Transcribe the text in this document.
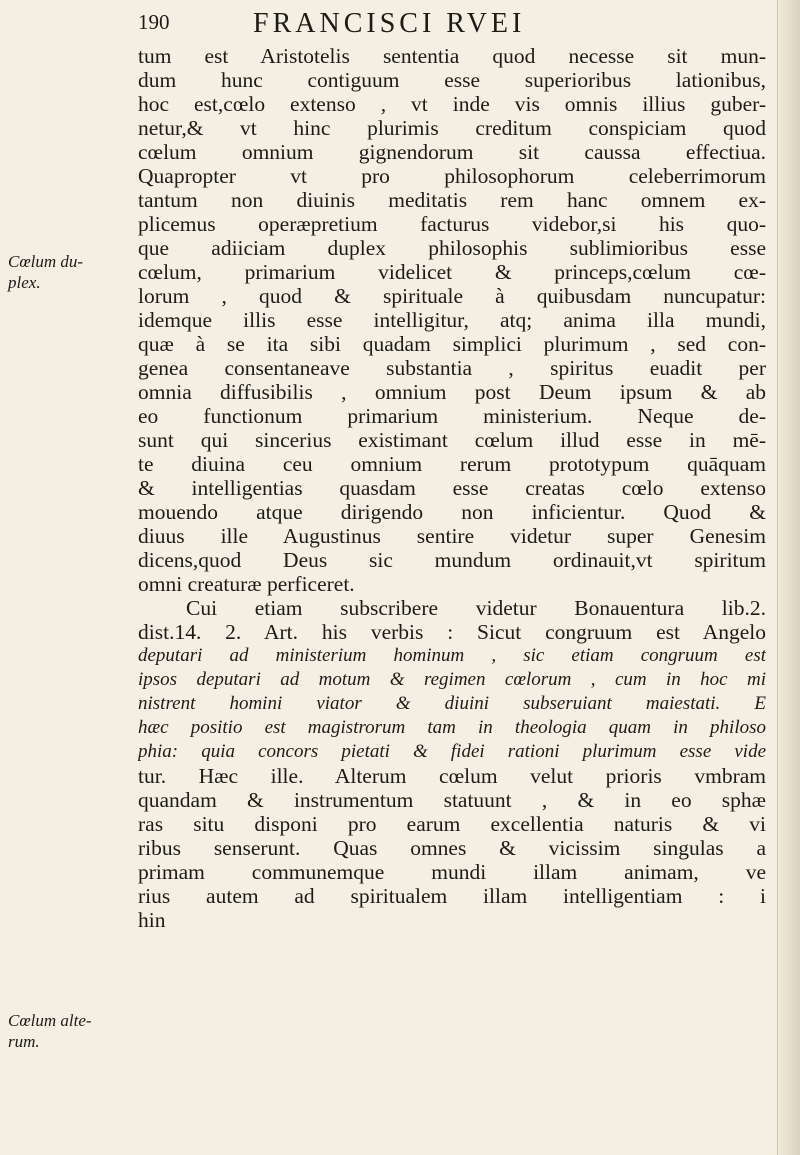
190	FRANCISCI RVEI
Cœlum du-
plex.
Cœlum alte-
rum.
tum est Aristotelis sententia quod necesse sit mun-
dum hunc contiguum esse superioribus lationibus,
hoc est,cœlo extenso , vt inde vis omnis illius guber-
netur,& vt hinc plurimis creditum conspiciam quod
cœlum omnium gignendorum sit caussa effectiua.
Quapropter vt pro philosophorum celeberrimorum
tantum non diuinis meditatis rem hanc omnem ex-
plicemus operæpretium facturus videbor,si his quo-
que adiiciam duplex philosophis sublimioribus esse
cœlum, primarium videlicet & princeps,cœlum cœ-
lorum , quod & spirituale à quibusdam nuncupatur:
idemque illis esse intelligitur, atq; anima illa mundi,
quæ à se ita sibi quadam simplici plurimum , sed con-
genea consentaneave substantia , spiritus euadit per
omnia diffusibilis , omnium post Deum ipsum & ab
eo functionum primarium ministerium. Neque de-
sunt qui sincerius existimant cœlum illud esse in mē-
te diuina ceu omnium rerum prototypum quāquam
& intelligentias quasdam esse creatas cœlo extenso
mouendo atque dirigendo non inficientur. Quod &
diuus ille Augustinus sentire videtur super Genesim
dicens,quod Deus sic mundum ordinauit,vt spiritum
omni creaturæ perficeret.
Cui etiam subscribere videtur Bonauentura lib.2.
dist.14. 2. Art. his verbis : Sicut congruum est Angelo
deputari ad ministerium hominum , sic etiam congruum est
ipsos deputari ad motum & regimen cœlorum , cum in hoc mi
nistrent homini viator & diuini subseruiant maiestati. E
hæc positio est magistrorum tam in theologia quam in philoso
phia: quia concors pietati & fidei rationi plurimum esse vide
tur. Hæc ille. Alterum cœlum velut prioris vmbram
quandam & instrumentum statuunt , & in eo sphæ
ras situ disponi pro earum excellentia naturis & vi
ribus senserunt. Quas omnes & vicissim singulas a
primam communemque mundi illam animam, ve
rius autem ad spiritualem illam intelligentiam : i
hin
